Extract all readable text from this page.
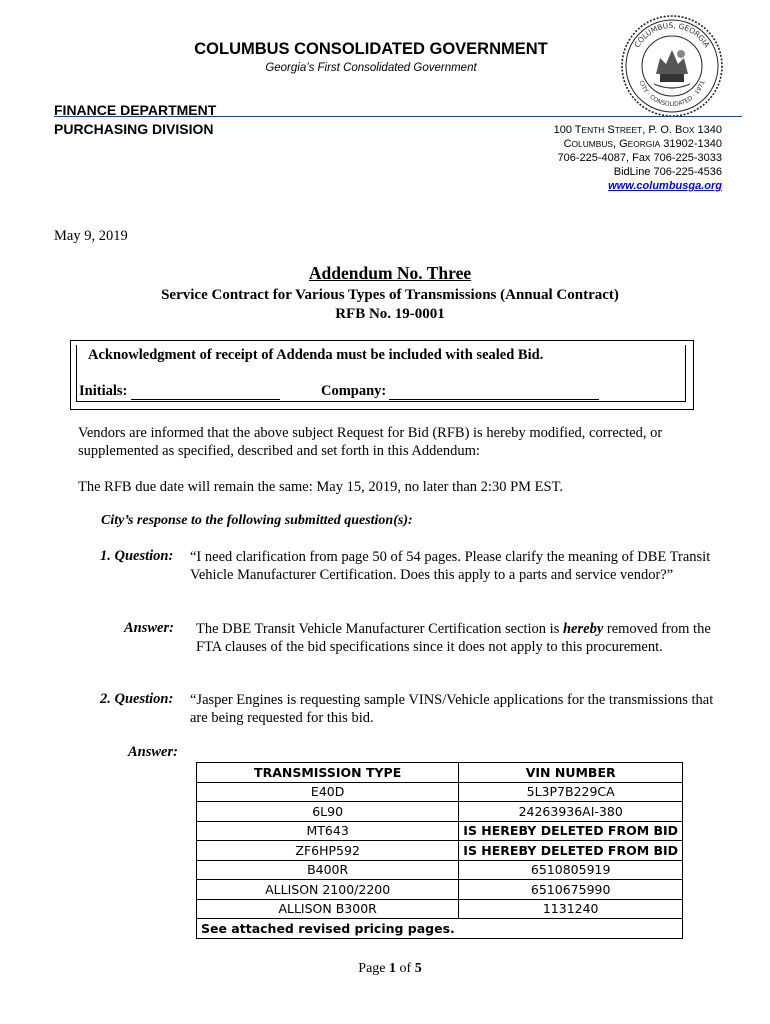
COLUMBUS CONSOLIDATED GOVERNMENT
Georgia’s First Consolidated Government
COLUMBUS, GEORGIA
CITY · CONSOLIDATED · 1971
FINANCE DEPARTMENT
PURCHASING DIVISION	100 TENTH STREET, P. O. BOX 1340
COLUMBUS, GEORGIA 31902-1340
706-225-4087, Fax 706-225-3033
BidLine 706-225-4536
www.columbusga.org
May 9, 2019
Addendum No. Three
Service Contract for Various Types of Transmissions (Annual Contract)
RFB No. 19-0001
Acknowledgment of receipt of Addenda must be included with sealed Bid.
Initials:	Company:
Vendors are informed that the above subject Request for Bid (RFB) is hereby modified, corrected, or supplemented as specified, described and set forth in this Addendum:
The RFB due date will remain the same: May 15, 2019, no later than 2:30 PM EST.
City’s response to the following submitted question(s):
1. Question: “I need clarification from page 50 of 54 pages. Please clarify the meaning of DBE Transit Vehicle Manufacturer Certification. Does this apply to a parts and service vendor?”
Answer: The DBE Transit Vehicle Manufacturer Certification section is hereby removed from the FTA clauses of the bid specifications since it does not apply to this procurement.
2. Question: “Jasper Engines is requesting sample VINS/Vehicle applications for the transmissions that are being requested for this bid.
Answer:
TRANSMISSION TYPE	VIN NUMBER
E40D	5L3P7B229CA
6L90	24263936AI-380
MT643	IS HEREBY DELETED FROM BID
ZF6HP592	IS HEREBY DELETED FROM BID
B400R	6510805919
ALLISON 2100/2200	6510675990
ALLISON B300R	1131240
See attached revised pricing pages.	
Page 1 of 5
